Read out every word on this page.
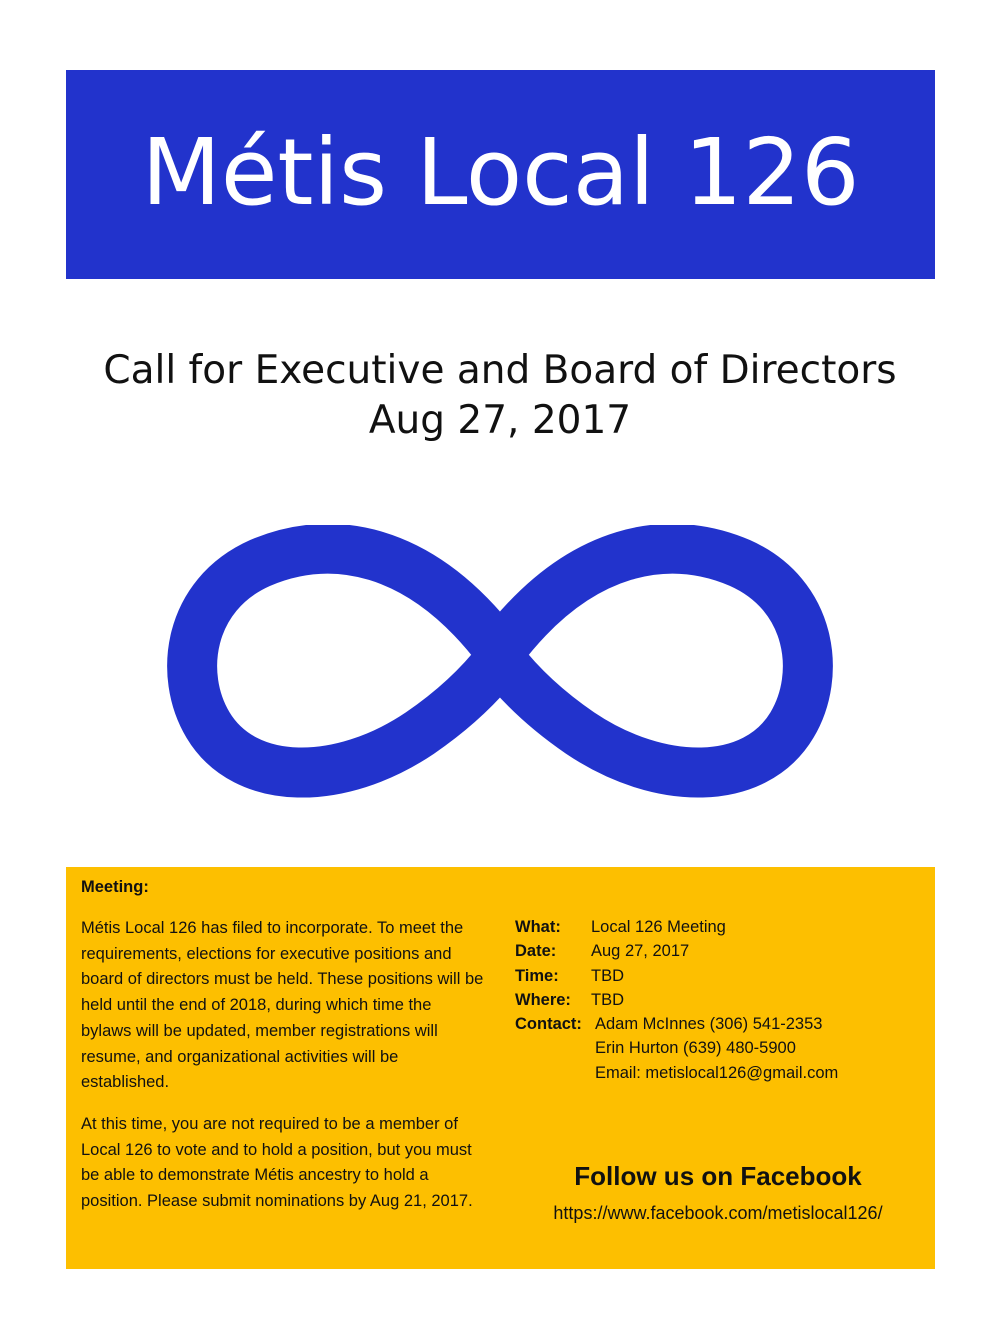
Métis Local 126
Call for Executive and Board of Directors
Aug 27, 2017
Meeting:

Métis Local 126 has filed to incorporate. To meet the requirements, elections for executive positions and board of directors must be held. These positions will be held until the end of 2018, during which time the bylaws will be updated, member registrations will resume, and organizational activities will be established.

At this time, you are not required to be a member of Local 126 to vote and to hold a position, but you must be able to demonstrate Métis ancestry to hold a position. Please submit nominations by Aug 21, 2017.

What:	Local 126 Meeting
Date:	Aug 27, 2017
Time:	TBD
Where:	TBD
Contact: Adam McInnes (306) 541-2353
Erin Hurton (639) 480-5900
Email: metislocal126@gmail.com
Follow us on Facebook
https://www.facebook.com/metislocal126/
